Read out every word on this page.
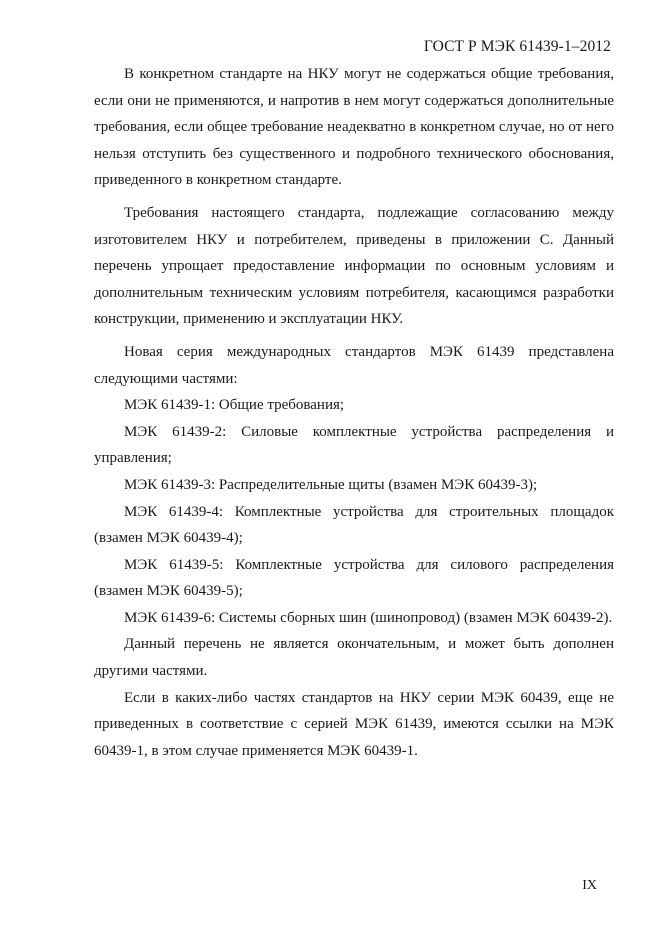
ГОСТ Р МЭК 61439-1–2012

В конкретном стандарте на НКУ могут не содержаться общие требования, если они не применяются, и напротив в нем могут содержаться дополнительные требования, если общее требование неадекватно в конкретном случае, но от него нельзя отступить без существенного и подробного технического обоснования, приведенного в конкретном стандарте.

Требования настоящего стандарта, подлежащие согласованию между изготовителем НКУ и потребителем, приведены в приложении С. Данный перечень упрощает предоставление информации по основным условиям и дополнительным техническим условиям потребителя, касающимся разработки конструкции, применению и эксплуатации НКУ.

Новая серия международных стандартов МЭК 61439 представлена следующими частями:

МЭК 61439-1: Общие требования;

МЭК 61439-2: Силовые комплектные устройства распределения и управления;

МЭК 61439-3: Распределительные щиты (взамен МЭК 60439-3);

МЭК 61439-4: Комплектные устройства для строительных площадок (взамен МЭК 60439-4);

МЭК 61439-5: Комплектные устройства для силового распределения (взамен МЭК 60439-5);

МЭК 61439-6: Системы сборных шин (шинопровод) (взамен МЭК 60439-2).

Данный перечень не является окончательным, и может быть дополнен другими частями.

Если в каких-либо частях стандартов на НКУ серии МЭК 60439, еще не приведенных в соответствие с серией МЭК 61439, имеются ссылки на МЭК 60439-1, в этом случае применяется МЭК 60439-1.

IX
